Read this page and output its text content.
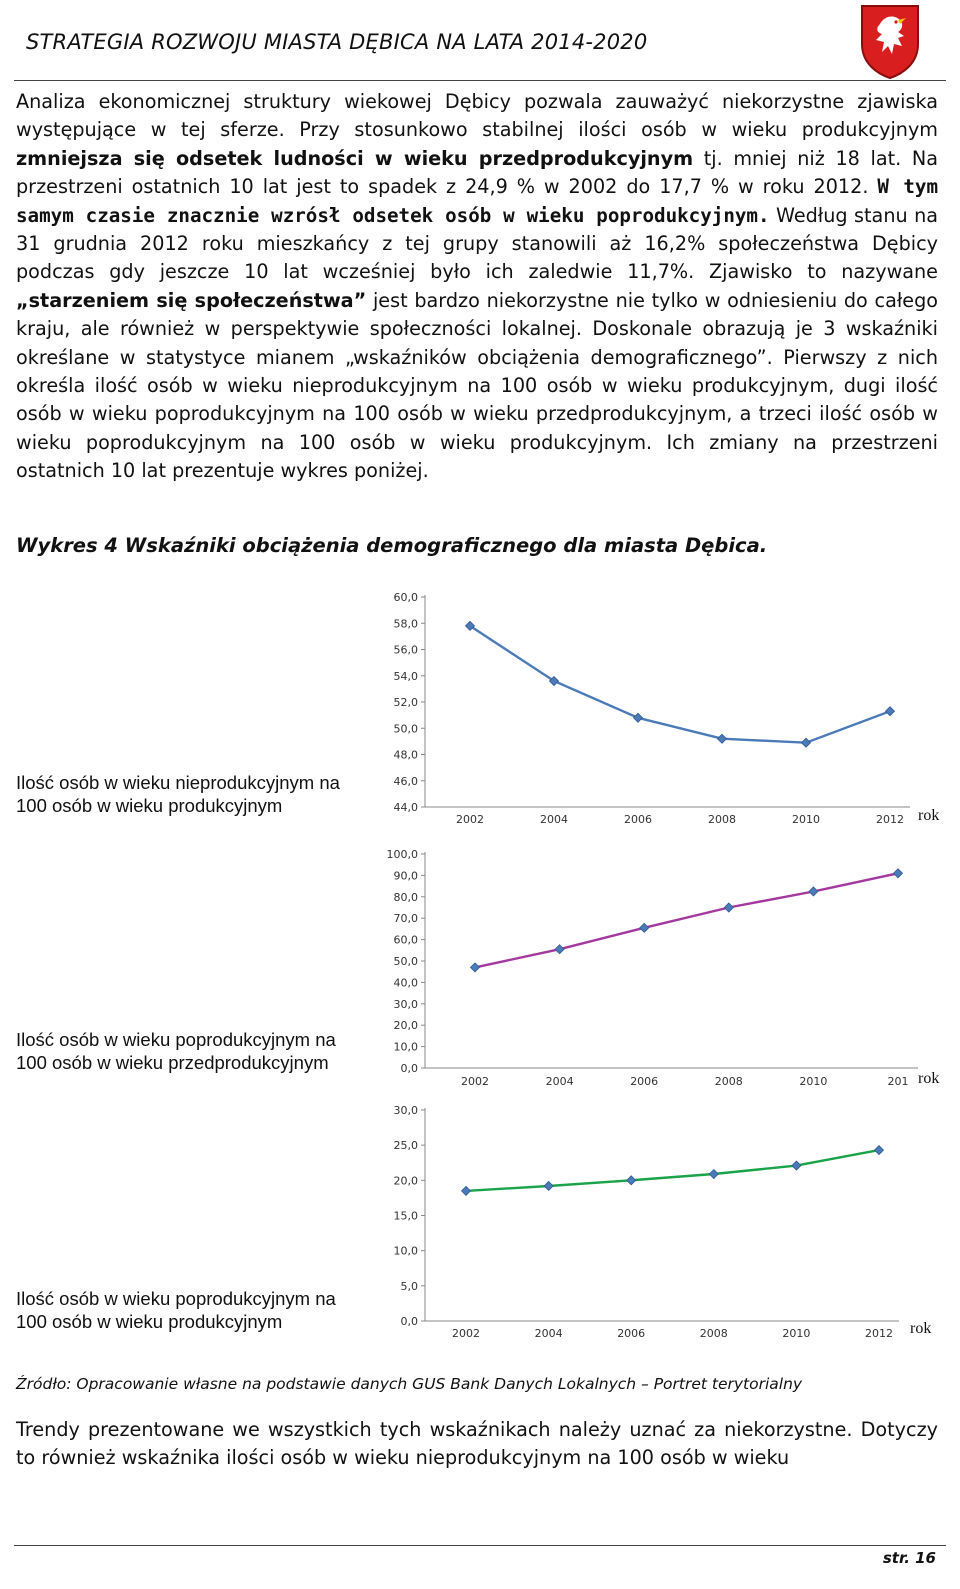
STRATEGIA ROZWOJU MIASTA DĘBICA NA LATA 2014-2020

Analiza ekonomicznej struktury wiekowej Dębicy pozwala zauważyć niekorzystne zjawiska występujące w tej sferze. Przy stosunkowo stabilnej ilości osób w wieku produkcyjnym zmniejsza się odsetek ludności w wieku przedprodukcyjnym tj. mniej niż 18 lat. Na przestrzeni ostatnich 10 lat jest to spadek z 24,9 % w 2002 do 17,7 % w roku 2012. W tym samym czasie znacznie wzrósł odsetek osób w wieku poprodukcyjnym. Według stanu na 31 grudnia 2012 roku mieszkańcy z tej grupy stanowili aż 16,2% społeczeństwa Dębicy podczas gdy jeszcze 10 lat wcześniej było ich zaledwie 11,7%. Zjawisko to nazywane „starzeniem się społeczeństwa” jest bardzo niekorzystne nie tylko w odniesieniu do całego kraju, ale również w perspektywie społeczności lokalnej. Doskonale obrazują je 3 wskaźniki określane w statystyce mianem „wskaźników obciążenia demograficznego”. Pierwszy z nich określa ilość osób w wieku nieprodukcyjnym na 100 osób w wieku produkcyjnym, dugi ilość osób w wieku poprodukcyjnym na 100 osób w wieku przedprodukcyjnym, a trzeci ilość osób w wieku poprodukcyjnym na 100 osób w wieku produkcyjnym. Ich zmiany na przestrzeni ostatnich 10 lat prezentuje wykres poniżej.

Wykres 4 Wskaźniki obciążenia demograficznego dla miasta Dębica.
60,0
58,0
56,0
54,0
52,0
50,0
48,0
46,0
44,0
2002	2004	2006	2008	2010	2012
Ilość osób w wieku nieprodukcyjnym na 100 osób w wieku produkcyjnym	rok
100,0
90,0
80,0
70,0
60,0
50,0
40,0
30,0
20,0
10,0
0,0
2002	2004	2006	2008	2010	201
Ilość osób w wieku poprodukcyjnym na 100 osób w wieku przedprodukcyjnym
rok
30,0
25,0
20,0
15,0
10,0
5,0
0,0
2002	2004	2006	2008	2010	2012
Ilość osób w wieku poprodukcyjnym na 100 osób w wieku produkcyjnym	rok
Źródło: Opracowanie własne na podstawie danych GUS Bank Danych Lokalnych – Portret terytorialny

Trendy prezentowane we wszystkich tych wskaźnikach należy uznać za niekorzystne. Dotyczy to również wskaźnika ilości osób w wieku nieprodukcyjnym na 100 osób w wieku

str. 16
